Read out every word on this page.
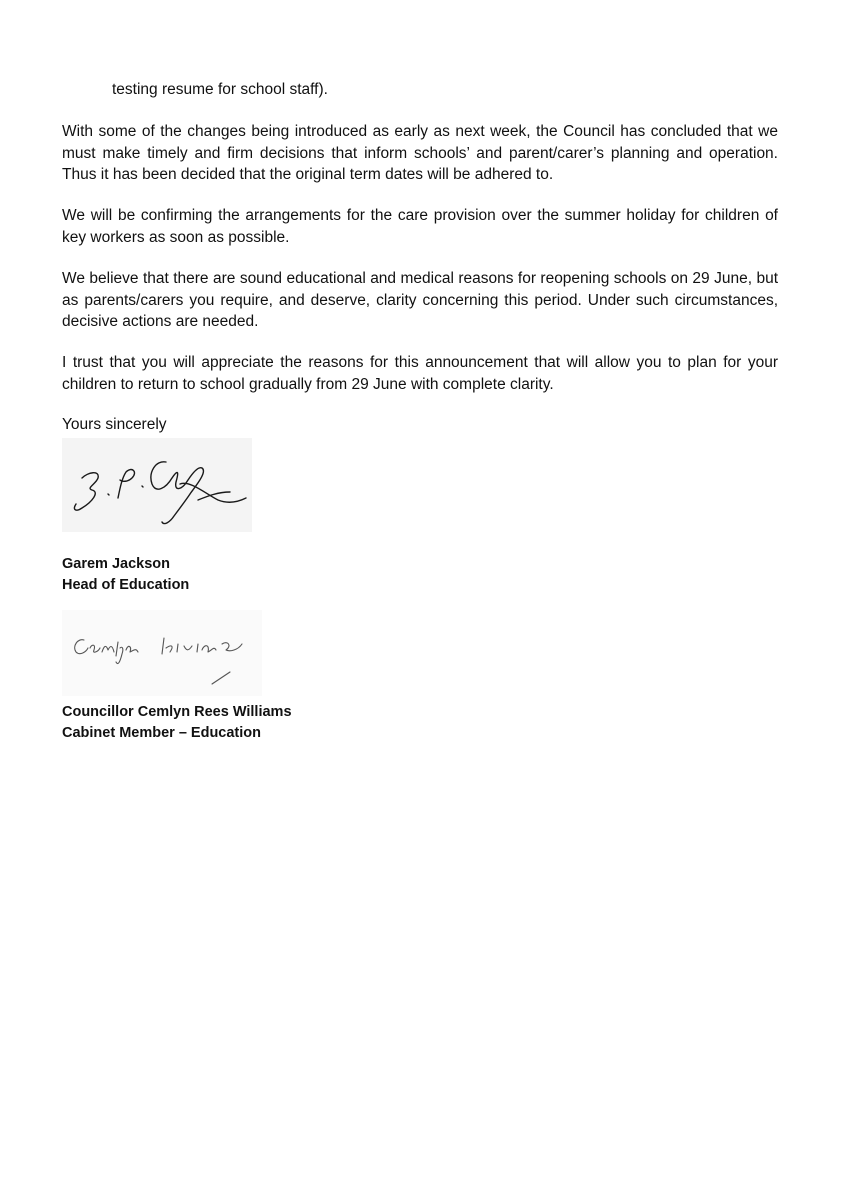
testing resume for school staff).

With some of the changes being introduced as early as next week, the Council has concluded that we must make timely and firm decisions that inform schools’ and parent/carer’s planning and operation. Thus it has been decided that the original term dates will be adhered to.

We will be confirming the arrangements for the care provision over the summer holiday for children of key workers as soon as possible.

We believe that there are sound educational and medical reasons for reopening schools on 29 June, but as parents/carers you require, and deserve, clarity concerning this period. Under such circumstances, decisive actions are needed.

I trust that you will appreciate the reasons for this announcement that will allow you to plan for your children to return to school gradually from 29 June with complete clarity.

Yours sincerely

Garem Jackson
Head of Education

Councillor Cemlyn Rees Williams
Cabinet Member – Education
